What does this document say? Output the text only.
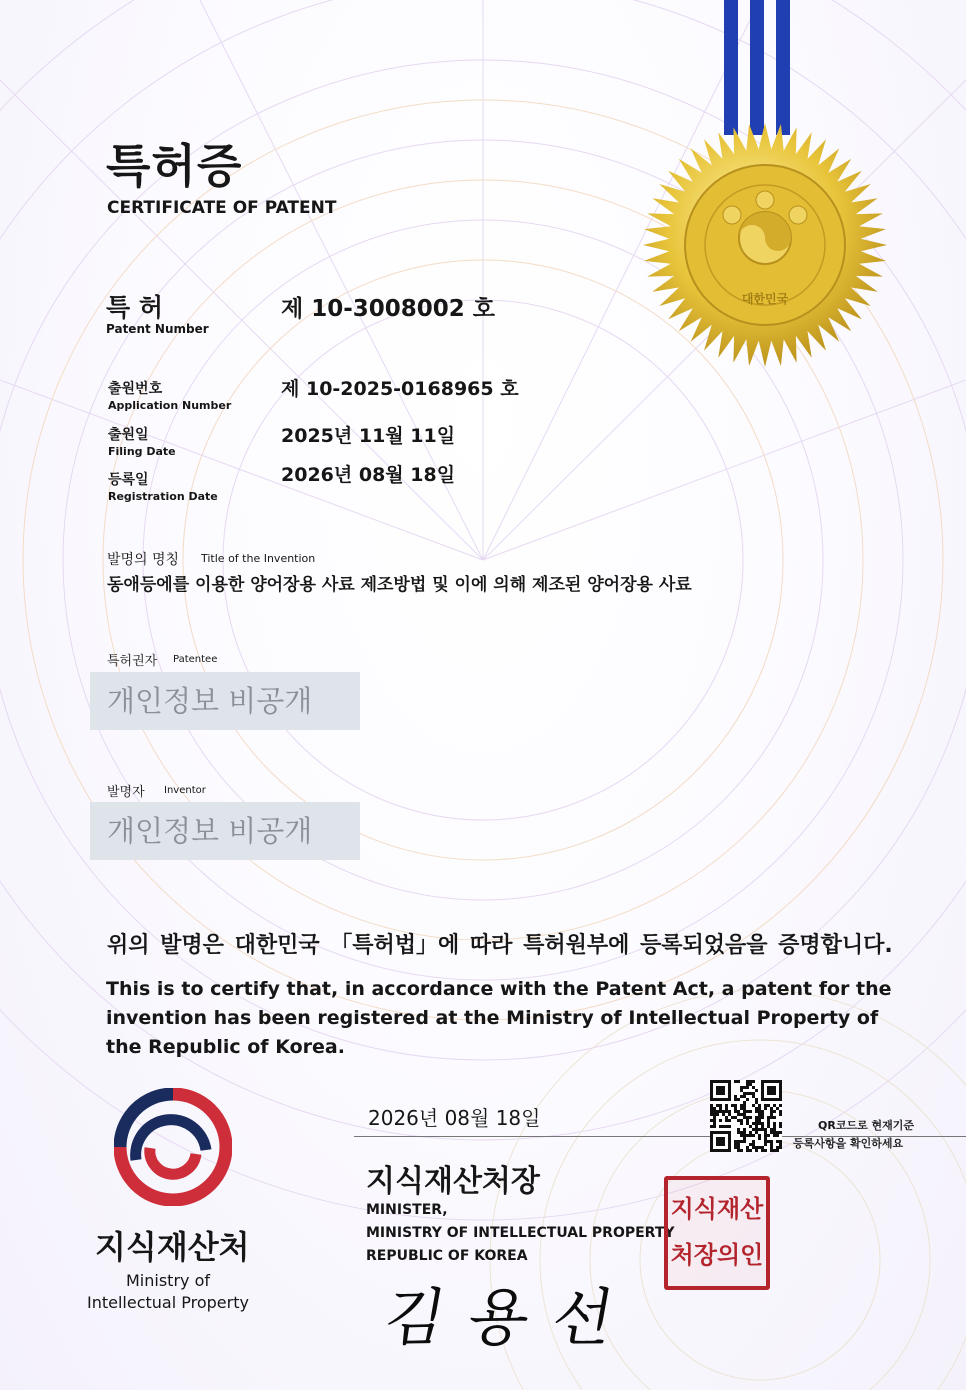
대한민국
특허증
CERTIFICATE OF PATENT
특 허
Patent Number
제 10-3008002 호
출원번호
Application Number
제 10-2025-0168965 호
출원일
Filing Date
2025년 11월 11일
등록일
Registration Date
2026년 08월 18일
발명의 명칭 Title of the Invention
동애등에를 이용한 양어장용 사료 제조방법 및 이에 의해 제조된 양어장용 사료
특허권자 Patentee
개인정보 비공개
발명자 Inventor
개인정보 비공개
위의 발명은 대한민국 「특허법」에 따라 특허원부에 등록되었음을 증명합니다.
This is to certify that, in accordance with the Patent Act, a patent for the invention has been registered at the Ministry of Intellectual Property of the Republic of Korea.
지식재산처
Ministry of
Intellectual Property
2026년 08월 18일	QR코드로 현재기준
등록사항을 확인하세요
지식재산처장
MINISTER,
MINISTRY OF INTELLECTUAL PROPERTY
REPUBLIC OF KOREA
김용선
지식재산
처장의인
